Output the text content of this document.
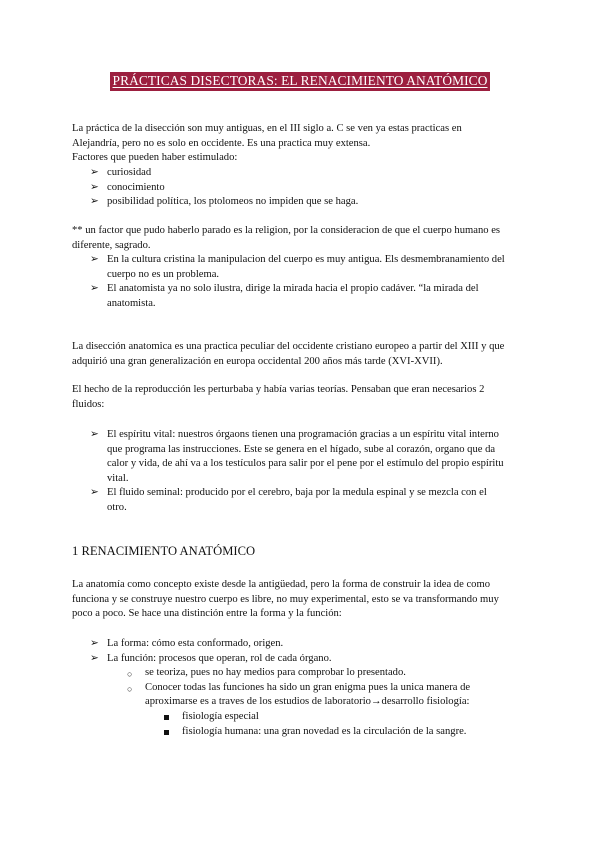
PRÁCTICAS DISECTORAS: EL RENACIMIENTO ANATÓMICO

La práctica de la disección son muy antiguas, en el III siglo a. C se ven ya estas practicas en

Alejandría, pero no es solo en occidente. Es una practica muy extensa.

Factores que pueden haber estimulado:

➢ curiosidad
➢ conocimiento
➢ posibilidad política, los ptolomeos no impiden que se haga.

** un factor que pudo haberlo parado es la religion, por la consideracion de que el cuerpo humano es

diferente, sagrado.

➢ En la cultura cristina la manipulacion del cuerpo es muy antigua. Els desmembranamiento del

cuerpo no es un problema.

➢ El anatomista ya no solo ilustra, dirige la mirada hacia el propio cadáver. “la mirada del

anatomista.

La disección anatomica es una practica peculiar del occidente cristiano europeo a partir del XIII y que

adquirió una gran generalización en europa occidental 200 años más tarde (XVI-XVII).

El hecho de la reproducción les perturbaba y había varias teorías. Pensaban que eran necesarios 2

fluidos:

➢ El espíritu vital: nuestros órgaons tienen una programación gracias a un espíritu vital interno

que programa las instrucciones. Este se genera en el hígado, sube al corazón, organo que da

calor y vida, de ahí va a los testículos para salir por el pene por el estímulo del propio espíritu

vital.

➢ El fluido seminal: producido por el cerebro, baja por la medula espinal y se mezcla con el

otro.

1 RENACIMIENTO ANATÓMICO

La anatomía como concepto existe desde la antigüedad, pero la forma de construir la idea de como

funciona y se construye nuestro cuerpo es libre, no muy experimental, esto se va transformando muy

poco a poco. Se hace una distinción entre la forma y la función:

➢ La forma: cómo esta conformado, origen.
➢ La función: procesos que operan, rol de cada órgano.
○ se teoriza, pues no hay medios para comprobar lo presentado.
○ Conocer todas las funciones ha sido un gran enigma pues la unica manera de

aproximarse es a traves de los estudios de laboratorio→desarrollo fisiología:

fisiología especial
fisiología humana: una gran novedad es la circulación de la sangre.
